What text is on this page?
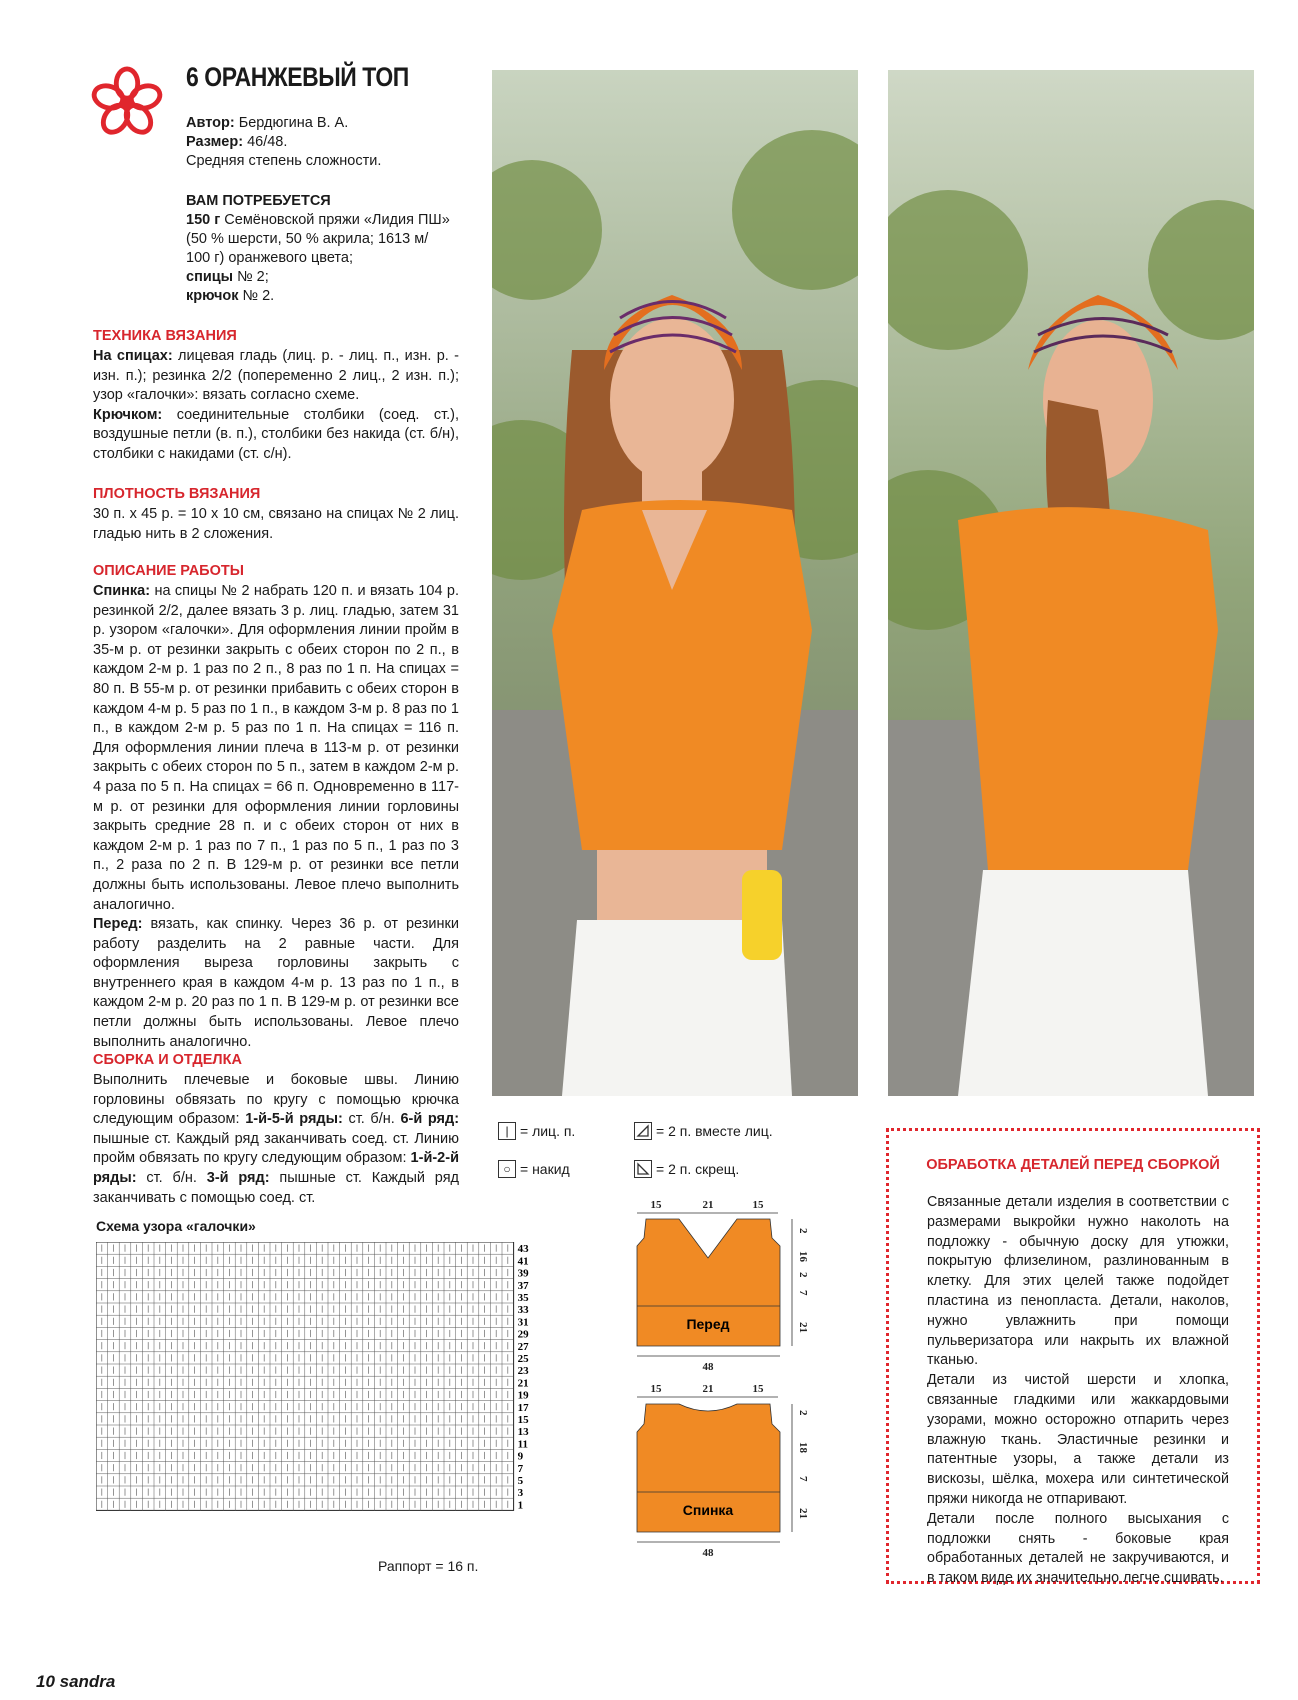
6 ОРАНЖЕВЫЙ ТОП
Автор: Бердюгина В. А.
Размер: 46/48.
Средняя степень сложности.
ВАМ ПОТРЕБУЕТСЯ
150 г Семёновской пряжи «Лидия ПШ»
(50 % шерсти, 50 % акрила; 1613 м/
100 г) оранжевого цвета;
спицы № 2;
крючок № 2.
ТЕХНИКА ВЯЗАНИЯ
На спицах: лицевая гладь (лиц. р. - лиц. п., изн. р. - изн. п.); резинка 2/2 (попеременно 2 лиц., 2 изн. п.); узор «галочки»: вязать согласно схеме.
Крючком: соединительные столбики (соед. ст.), воздушные петли (в. п.), столбики без накида (ст. б/н), столбики с накидами (ст. с/н).
ПЛОТНОСТЬ ВЯЗАНИЯ
30 п. х 45 р. = 10 х 10 см, связано на спицах № 2 лиц. гладью нить в 2 сложения.
ОПИСАНИЕ РАБОТЫ
Спинка: на спицы № 2 набрать 120 п. и вязать 104 р. резинкой 2/2, далее вязать 3 р. лиц. гладью, затем 31 р. узором «галочки». Для оформления линии пройм в 35-м р. от резинки закрыть с обеих сторон по 2 п., в каждом 2-м р. 1 раз по 2 п., 8 раз по 1 п. На спицах = 80 п. В 55-м р. от резинки прибавить с обеих сторон в каждом 4-м р. 5 раз по 1 п., в каждом 3-м р. 8 раз по 1 п., в каждом 2-м р. 5 раз по 1 п. На спицах = 116 п. Для оформления линии плеча в 113-м р. от резинки закрыть с обеих сторон по 5 п., затем в каждом 2-м р. 4 раза по 5 п. На спицах = 66 п. Одновременно в 117-м р. от резинки для оформления линии горловины закрыть средние 28 п. и с обеих сторон от них в каждом 2-м р. 1 раз по 7 п., 1 раз по 5 п., 1 раз по 3 п., 2 раза по 2 п. В 129-м р. от резинки все петли должны быть использованы. Левое плечо выполнить аналогично.
Перед: вязать, как спинку. Через 36 р. от резинки работу разделить на 2 равные части. Для оформления выреза горловины закрыть с внутреннего края в каждом 4-м р. 13 раз по 1 п., в каждом 2-м р. 20 раз по 1 п. В 129-м р. от резинки все петли должны быть использованы. Левое плечо выполнить аналогично.
СБОРКА И ОТДЕЛКА
Выполнить плечевые и боковые швы. Линию горловины обвязать по кругу с помощью крючка следующим образом: 1-й-5-й ряды: ст. б/н. 6-й ряд: пышные ст. Каждый ряд заканчивать соед. ст. Линию пройм обвязать по кругу следующим образом: 1-й-2-й ряды: ст. б/н. 3-й ряд: пышные ст. Каждый ряд заканчивать с помощью соед. ст.
Схема узора «галочки»
43
41
39
37
35
33
31
29
27
25
23
21
19
17
15
13
11
9
7
5
3
1
Раппорт = 16 п.
| = лиц. п.
○ = накид
= 2 п. вместе лиц.
= 2 п. скрещ.
15	21	15
48
Перед
2
16
2
7
21
15	21	15
48
Спинка
2
18
7
21
ОБРАБОТКА ДЕТАЛЕЙ ПЕРЕД СБОРКОЙ

Связанные детали изделия в соответствии с размерами выкройки нужно наколоть на подложку - обычную доску для утюжки, покрытую флизелином, разлинованным в клетку. Для этих целей также подойдет пластина из пенопласта. Детали, наколов, нужно увлажнить при помощи пульверизатора или накрыть их влажной тканью.

Детали из чистой шерсти и хлопка, связанные гладкими или жаккардовыми узорами, можно осторожно отпарить через влажную ткань. Эластичные резинки и патентные узоры, а также детали из вискозы, шёлка, мохера или синтетической пряжи никогда не отпаривают.

Детали после полного высыхания с подложки снять - боковые края обработанных деталей не закручиваются, и в таком виде их значительно легче сшивать.

10 sandra
